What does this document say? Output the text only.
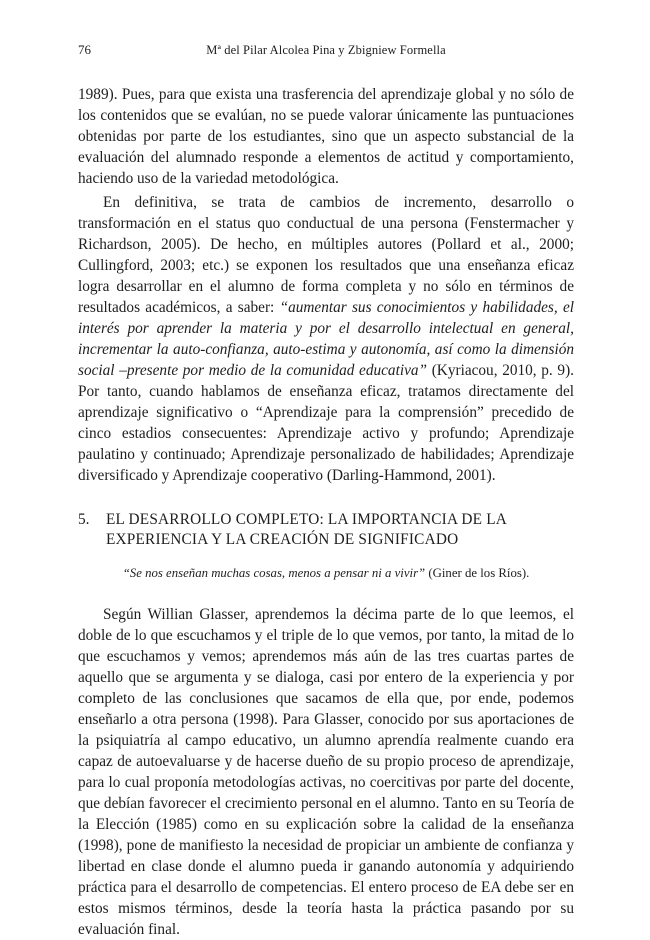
76	Mª del Pilar Alcolea Pina y Zbigniew Formella

1989). Pues, para que exista una trasferencia del aprendizaje global y no sólo de los contenidos que se evalúan, no se puede valorar únicamente las puntuaciones obtenidas por parte de los estudiantes, sino que un aspecto substancial de la evaluación del alumnado responde a elementos de actitud y comportamiento, haciendo uso de la variedad metodológica.

En definitiva, se trata de cambios de incremento, desarrollo o transformación en el status quo conductual de una persona (Fenstermacher y Richardson, 2005). De hecho, en múltiples autores (Pollard et al., 2000; Cullingford, 2003; etc.) se exponen los resultados que una enseñanza eficaz logra desarrollar en el alumno de forma completa y no sólo en términos de resultados académicos, a saber: “aumentar sus conocimientos y habilidades, el interés por aprender la materia y por el desarrollo intelectual en general, incrementar la auto-confianza, auto-estima y autonomía, así como la dimensión social –presente por medio de la comunidad educativa” (Kyriacou, 2010, p. 9). Por tanto, cuando hablamos de enseñanza eficaz, tratamos directamente del aprendizaje significativo o “Aprendizaje para la comprensión” precedido de cinco estadios consecuentes: Aprendizaje activo y profundo; Aprendizaje paulatino y continuado; Aprendizaje personalizado de habilidades; Aprendizaje diversificado y Aprendizaje cooperativo (Darling-Hammond, 2001).

5.	EL DESARROLLO COMPLETO: LA IMPORTANCIA DE LA EXPERIENCIA Y LA CREACIÓN DE SIGNIFICADO

“Se nos enseñan muchas cosas, menos a pensar ni a vivir” (Giner de los Ríos).

Según Willian Glasser, aprendemos la décima parte de lo que leemos, el doble de lo que escuchamos y el triple de lo que vemos, por tanto, la mitad de lo que escuchamos y vemos; aprendemos más aún de las tres cuartas partes de aquello que se argumenta y se dialoga, casi por entero de la experiencia y por completo de las conclusiones que sacamos de ella que, por ende, podemos enseñarlo a otra persona (1998). Para Glasser, conocido por sus aportaciones de la psiquiatría al campo educativo, un alumno aprendía realmente cuando era capaz de autoevaluarse y de hacerse dueño de su propio proceso de aprendizaje, para lo cual proponía metodologías activas, no coercitivas por parte del docente, que debían favorecer el crecimiento personal en el alumno. Tanto en su Teoría de la Elección (1985) como en su explicación sobre la calidad de la enseñanza (1998), pone de manifiesto la necesidad de propiciar un ambiente de confianza y libertad en clase donde el alumno pueda ir ganando autonomía y adquiriendo práctica para el desarrollo de competencias. El entero proceso de EA debe ser en estos mismos términos, desde la teoría hasta la práctica pasando por su evaluación final.
